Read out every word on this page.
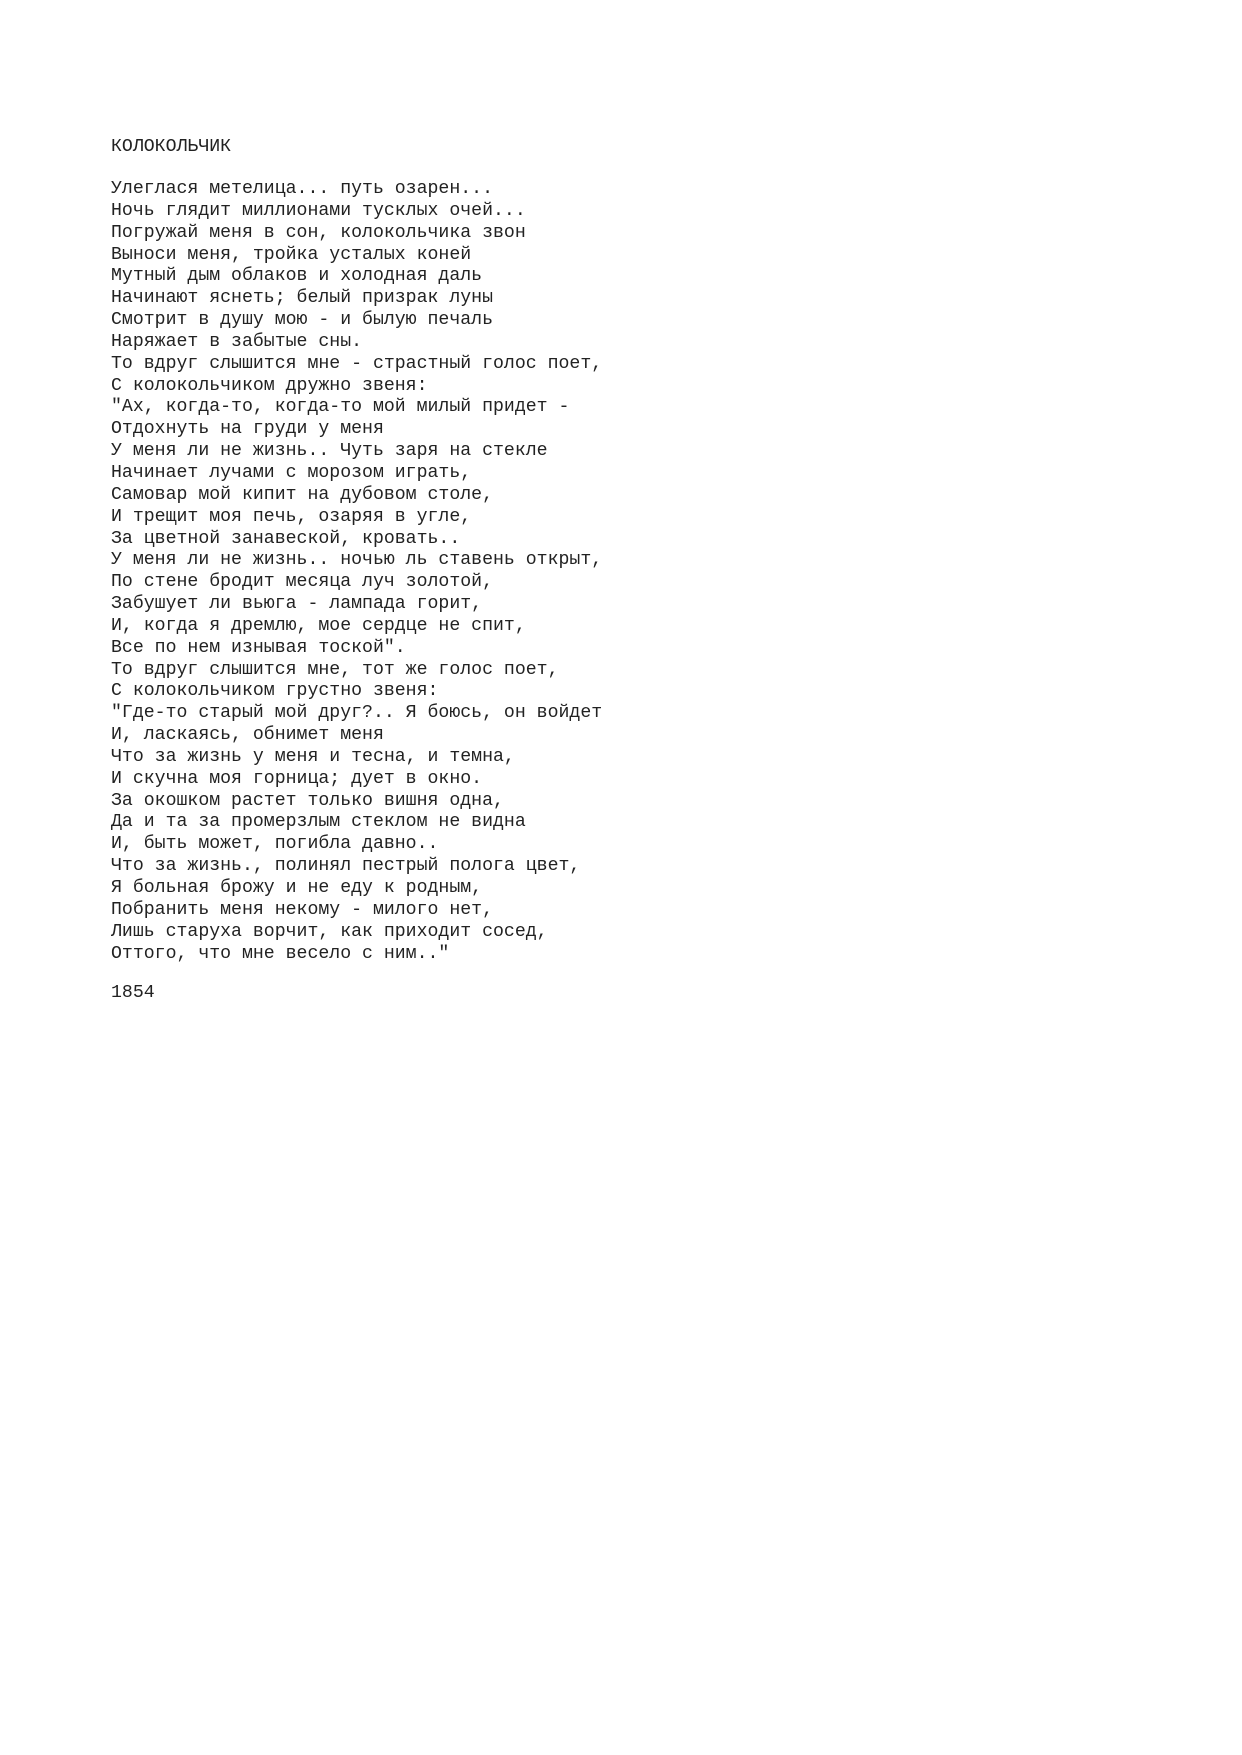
КОЛОКОЛЬЧИК
Улеглася метелица... путь озарен...
Ночь глядит миллионами тусклых очей...
Погружай меня в сон, колокольчика звон
Выноси меня, тройка усталых коней
Мутный дым облаков и холодная даль
Начинают яснеть; белый призрак луны
Смотрит в душу мою - и былую печаль
Наряжает в забытые сны.
То вдруг слышится мне - страстный голос поет,
С колокольчиком дружно звеня:
"Ах, когда-то, когда-то мой милый придет -
Отдохнуть на груди у меня
У меня ли не жизнь.. Чуть заря на стекле
Начинает лучами с морозом играть,
Самовар мой кипит на дубовом столе,
И трещит моя печь, озаряя в угле,
За цветной занавеской, кровать..
У меня ли не жизнь.. ночью ль ставень открыт,
По стене бродит месяца луч золотой,
Забушует ли вьюга - лампада горит,
И, когда я дремлю, мое сердце не спит,
Все по нем изнывая тоской".
То вдруг слышится мне, тот же голос поет,
С колокольчиком грустно звеня:
"Где-то старый мой друг?.. Я боюсь, он войдет
И, ласкаясь, обнимет меня
Что за жизнь у меня и тесна, и темна,
И скучна моя горница; дует в окно.
За окошком растет только вишня одна,
Да и та за промерзлым стеклом не видна
И, быть может, погибла давно..
Что за жизнь., полинял пестрый полога цвет,
Я больная брожу и не еду к родным,
Побранить меня некому - милого нет,
Лишь старуха ворчит, как приходит сосед,
Оттого, что мне весело с ним.."
1854
